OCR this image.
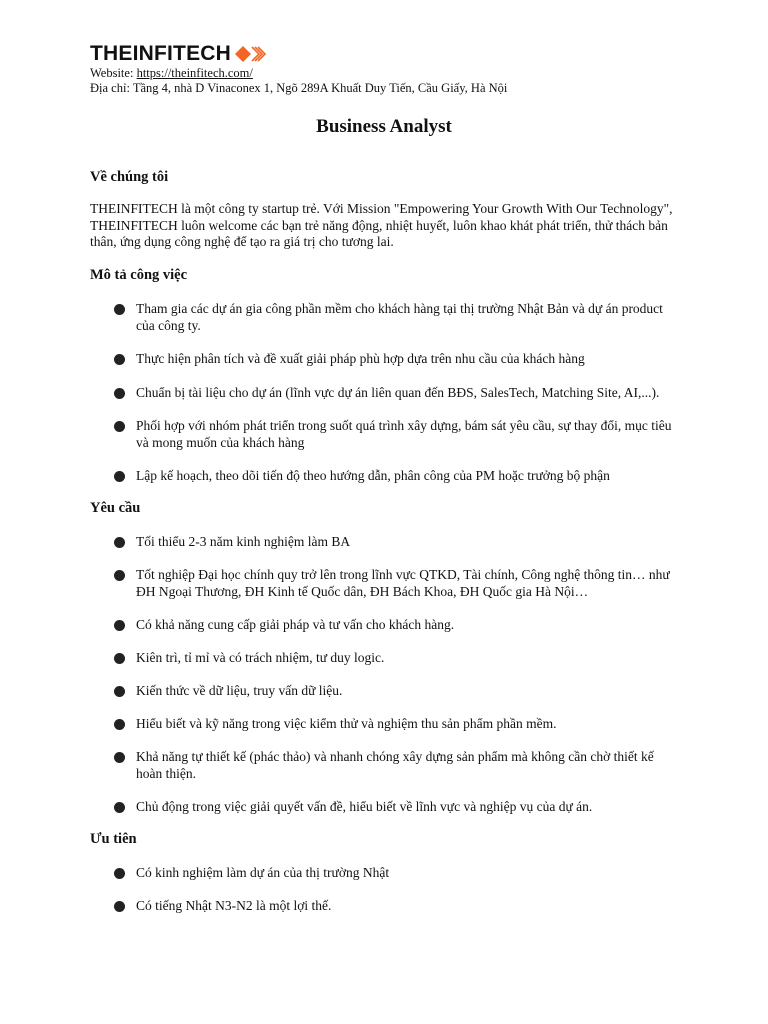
THEINFITECH
Website: https://theinfitech.com/
Địa chỉ: Tầng 4, nhà D Vinaconex 1, Ngõ 289A Khuất Duy Tiến, Cầu Giấy, Hà Nội
Business Analyst
Về chúng tôi

THEINFITECH là một công ty startup trẻ. Với Mission "Empowering Your Growth With Our Technology", THEINFITECH luôn welcome các bạn trẻ năng động, nhiệt huyết, luôn khao khát phát triển, thử thách bản thân, ứng dụng công nghệ để tạo ra giá trị cho tương lai.

Mô tả công việc
Tham gia các dự án gia công phần mềm cho khách hàng tại thị trường Nhật Bản và dự án product của công ty.
Thực hiện phân tích và đề xuất giải pháp phù hợp dựa trên nhu cầu của khách hàng
Chuẩn bị tài liệu cho dự án (lĩnh vực dự án liên quan đến BĐS, SalesTech, Matching Site, AI,...).
Phối hợp với nhóm phát triển trong suốt quá trình xây dựng, bám sát yêu cầu, sự thay đổi, mục tiêu và mong muốn của khách hàng
Lập kế hoạch, theo dõi tiến độ theo hướng dẫn, phân công của PM hoặc trưởng bộ phận
Yêu cầu
Tối thiểu 2-3 năm kinh nghiệm làm BA
Tốt nghiệp Đại học chính quy trở lên trong lĩnh vực QTKD, Tài chính, Công nghệ thông tin… như ĐH Ngoại Thương, ĐH Kinh tế Quốc dân, ĐH Bách Khoa, ĐH Quốc gia Hà Nội…
Có khả năng cung cấp giải pháp và tư vấn cho khách hàng.
Kiên trì, tỉ mỉ và có trách nhiệm, tư duy logic.
Kiến thức về dữ liệu, truy vấn dữ liệu.
Hiểu biết và kỹ năng trong việc kiểm thử và nghiệm thu sản phẩm phần mềm.
Khả năng tự thiết kế (phác thảo) và nhanh chóng xây dựng sản phẩm mà không cần chờ thiết kế hoàn thiện.
Chủ động trong việc giải quyết vấn đề, hiểu biết về lĩnh vực và nghiệp vụ của dự án.
Ưu tiên
Có kinh nghiệm làm dự án của thị trường Nhật
Có tiếng Nhật N3-N2 là một lợi thế.
